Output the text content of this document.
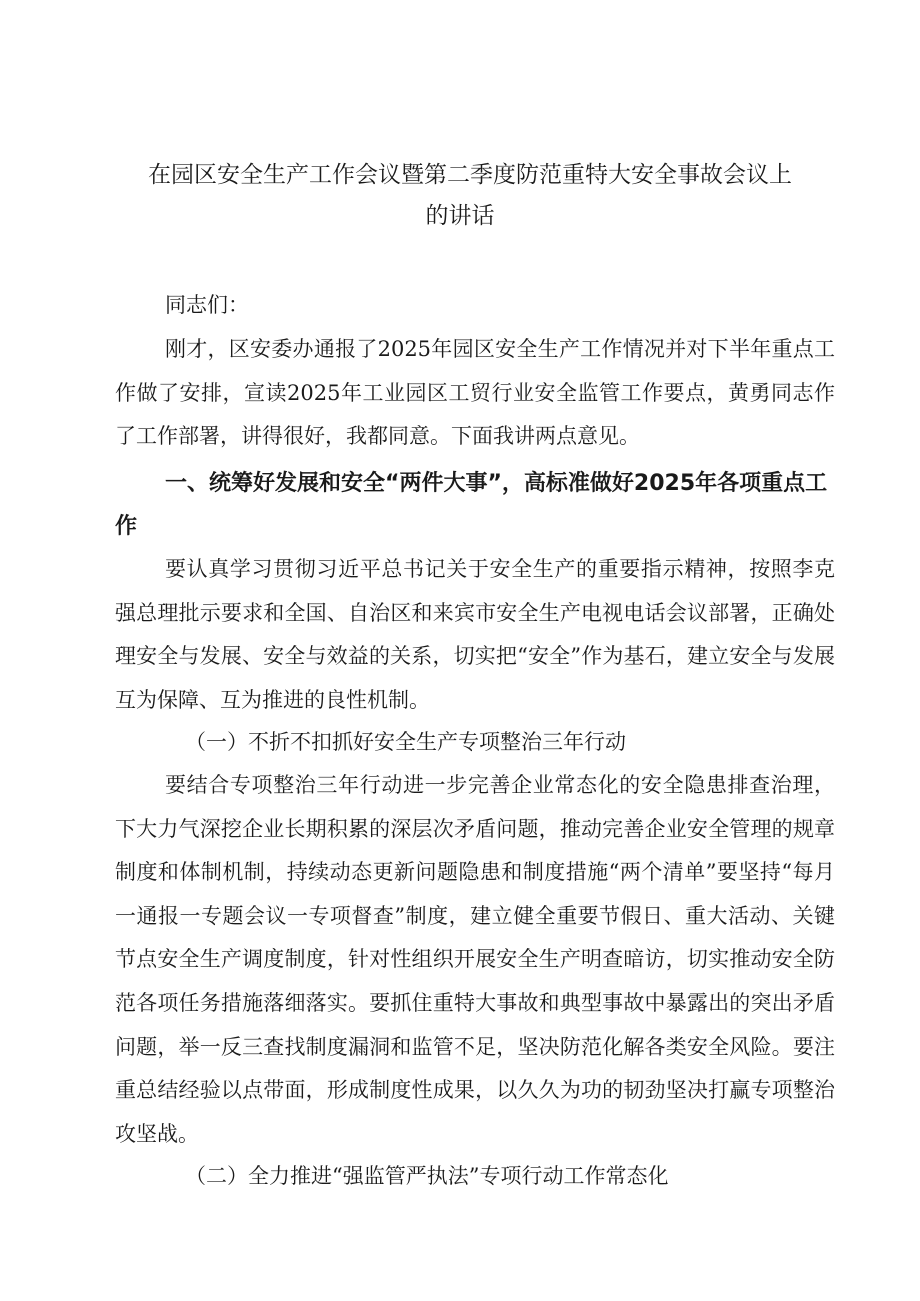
在园区安全生产工作会议暨第二季度防范重特大安全事故会议上
的讲话

同志们：

刚才，区安委办通报了2025年园区安全生产工作情况并对下半年重点工作做了安排，宣读2025年工业园区工贸行业安全监管工作要点，黄勇同志作了工作部署，讲得很好，我都同意。下面我讲两点意见。

一、统筹好发展和安全“两件大事”，高标准做好2025年各项重点工作

要认真学习贯彻习近平总书记关于安全生产的重要指示精神，按照李克强总理批示要求和全国、自治区和来宾市安全生产电视电话会议部署，正确处理安全与发展、安全与效益的关系，切实把“安全”作为基石，建立安全与发展互为保障、互为推进的良性机制。

（一）不折不扣抓好安全生产专项整治三年行动

要结合专项整治三年行动进一步完善企业常态化的安全隐患排查治理，下大力气深挖企业长期积累的深层次矛盾问题，推动完善企业安全管理的规章制度和体制机制，持续动态更新问题隐患和制度措施“两个清单”要坚持“每月一通报一专题会议一专项督查”制度，建立健全重要节假日、重大活动、关键节点安全生产调度制度，针对性组织开展安全生产明查暗访，切实推动安全防范各项任务措施落细落实。要抓住重特大事故和典型事故中暴露出的突出矛盾问题，举一反三查找制度漏洞和监管不足，坚决防范化解各类安全风险。要注重总结经验以点带面，形成制度性成果，以久久为功的韧劲坚决打赢专项整治攻坚战。

（二）全力推进“强监管严执法”专项行动工作常态化
